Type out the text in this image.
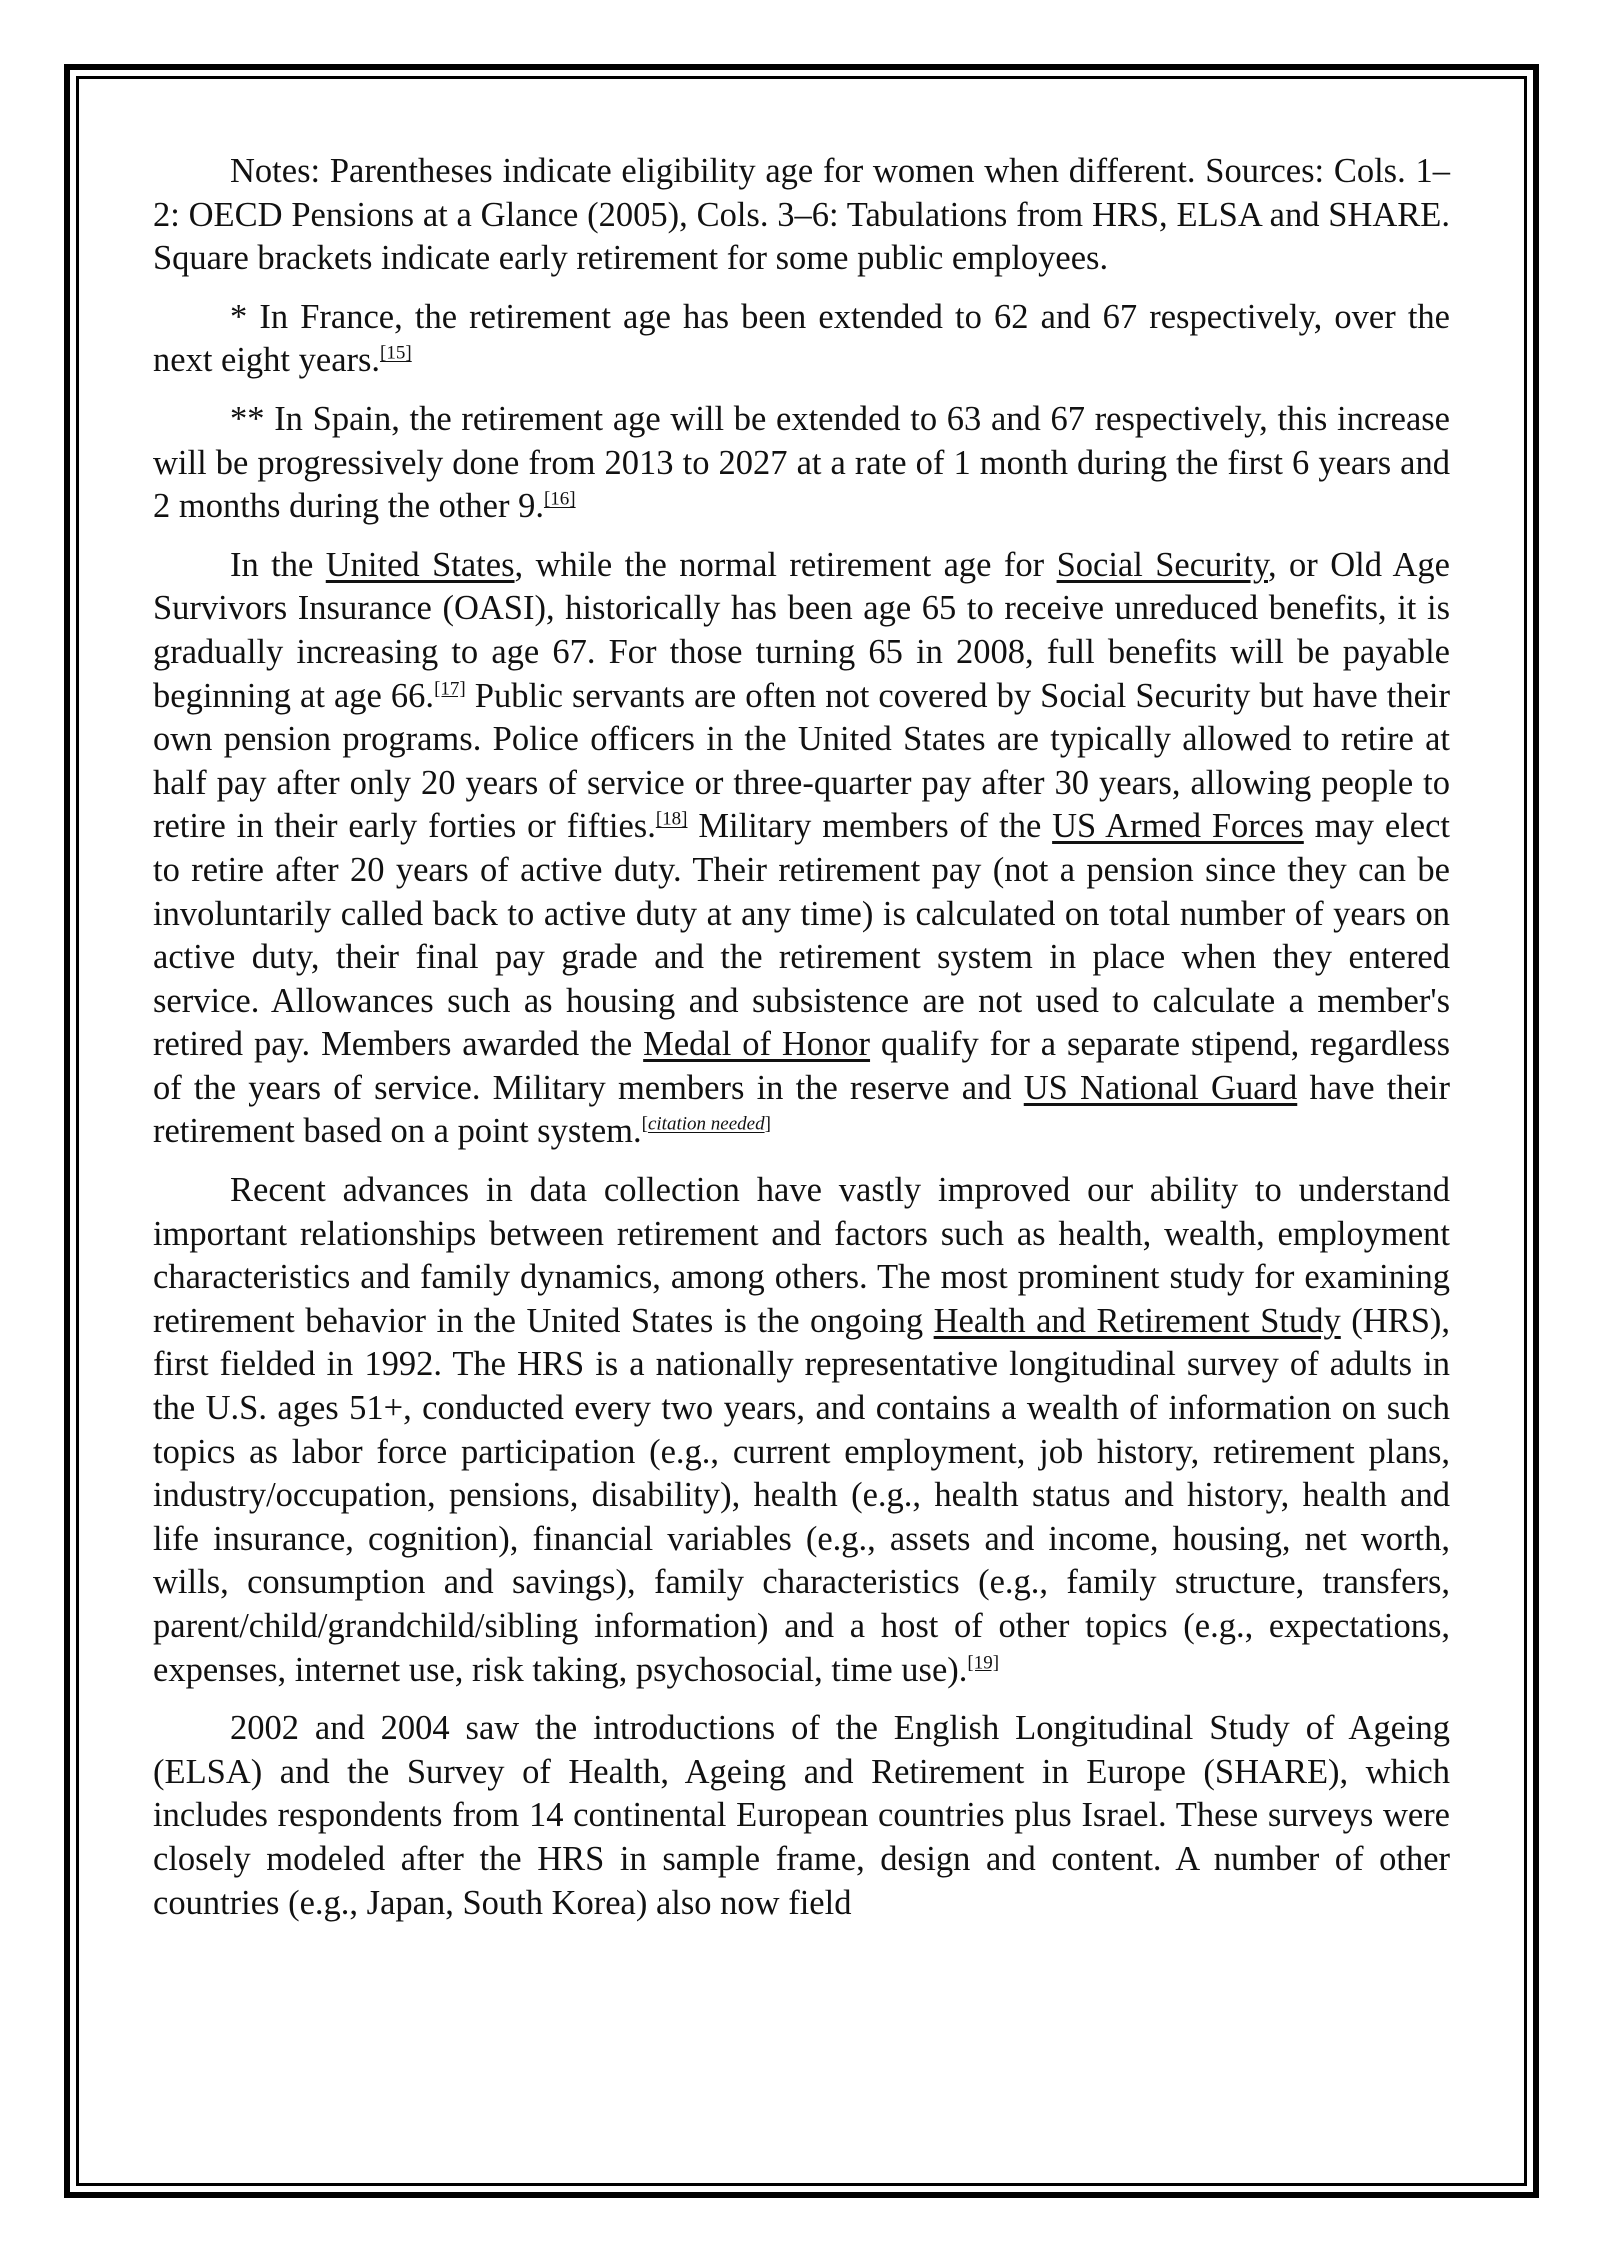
Notes: Parentheses indicate eligibility age for women when different. Sources: Cols. 1–2: OECD Pensions at a Glance (2005), Cols. 3–6: Tabulations from HRS, ELSA and SHARE. Square brackets indicate early retirement for some public employees.

* In France, the retirement age has been extended to 62 and 67 respectively, over the next eight years.[15]

** In Spain, the retirement age will be extended to 63 and 67 respectively, this increase will be progressively done from 2013 to 2027 at a rate of 1 month during the first 6 years and 2 months during the other 9.[16]

In the United States, while the normal retirement age for Social Security, or Old Age Survivors Insurance (OASI), historically has been age 65 to receive unreduced benefits, it is gradually increasing to age 67. For those turning 65 in 2008, full benefits will be payable beginning at age 66.[17] Public servants are often not covered by Social Security but have their own pension programs. Police officers in the United States are typically allowed to retire at half pay after only 20 years of service or three-quarter pay after 30 years, allowing people to retire in their early forties or fifties.[18] Military members of the US Armed Forces may elect to retire after 20 years of active duty. Their retirement pay (not a pension since they can be involuntarily called back to active duty at any time) is calculated on total number of years on active duty, their final pay grade and the retirement system in place when they entered service. Allowances such as housing and subsistence are not used to calculate a member's retired pay. Members awarded the Medal of Honor qualify for a separate stipend, regardless of the years of service. Military members in the reserve and US National Guard have their retirement based on a point system.[citation needed]

Recent advances in data collection have vastly improved our ability to understand important relationships between retirement and factors such as health, wealth, employment characteristics and family dynamics, among others. The most prominent study for examining retirement behavior in the United States is the ongoing Health and Retirement Study (HRS), first fielded in 1992. The HRS is a nationally representative longitudinal survey of adults in the U.S. ages 51+, conducted every two years, and contains a wealth of information on such topics as labor force participation (e.g., current employment, job history, retirement plans, industry/occupation, pensions, disability), health (e.g., health status and history, health and life insurance, cognition), financial variables (e.g., assets and income, housing, net worth, wills, consumption and savings), family characteristics (e.g., family structure, transfers, parent/child/grandchild/sibling information) and a host of other topics (e.g., expectations, expenses, internet use, risk taking, psychosocial, time use).[19]

2002 and 2004 saw the introductions of the English Longitudinal Study of Ageing (ELSA) and the Survey of Health, Ageing and Retirement in Europe (SHARE), which includes respondents from 14 continental European countries plus Israel. These surveys were closely modeled after the HRS in sample frame, design and content. A number of other countries (e.g., Japan, South Korea) also now field
